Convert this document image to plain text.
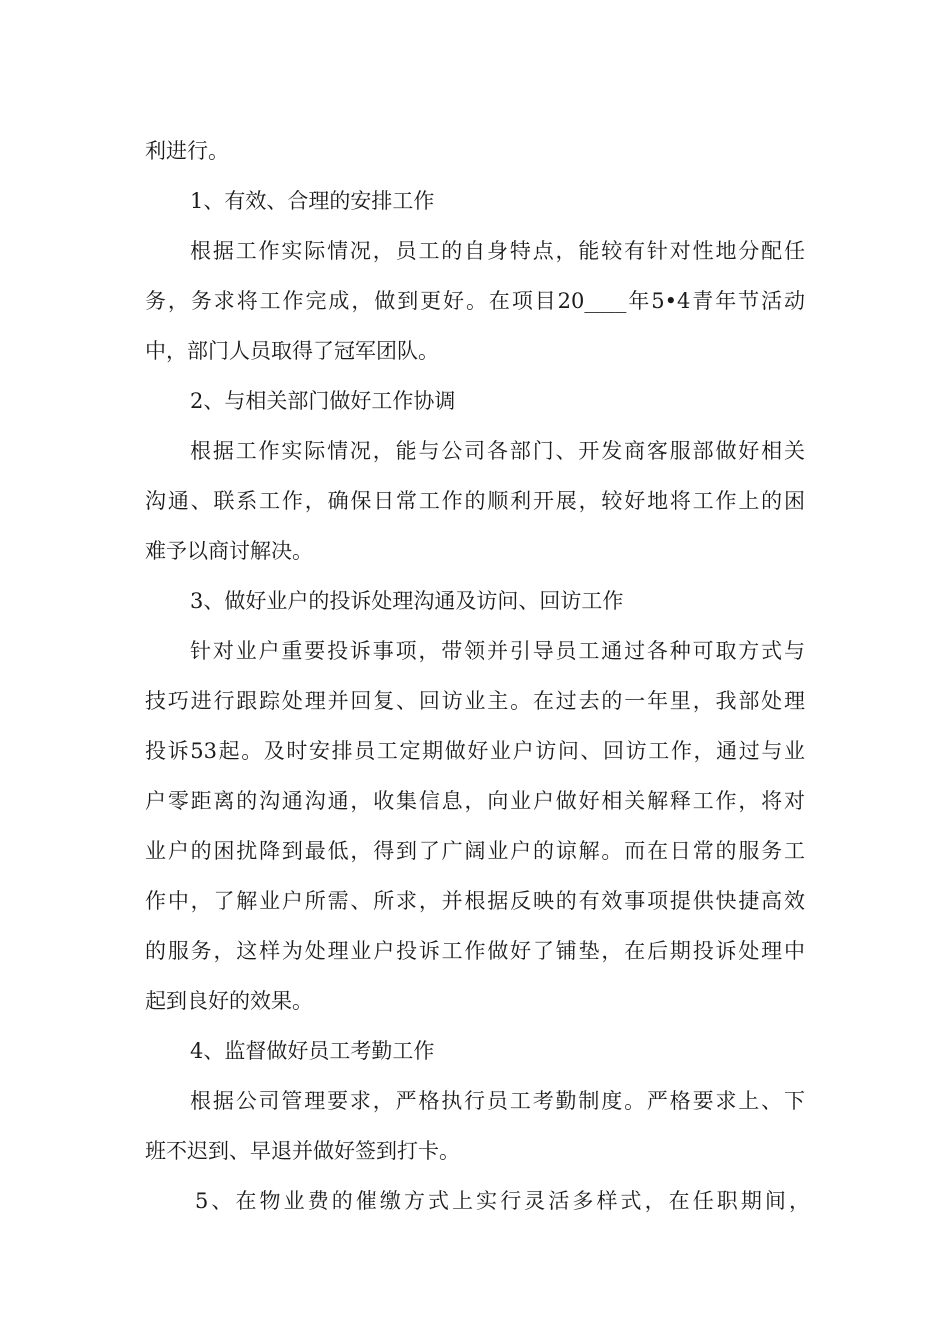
利进行。
1、有效、合理的安排工作
根据工作实际情况，员工的自身特点，能较有针对性地分配任
务，务求将工作完成，做到更好。在项目20____年5•4青年节活动
中，部门人员取得了冠军团队。
2、与相关部门做好工作协调
根据工作实际情况，能与公司各部门、开发商客服部做好相关
沟通、联系工作，确保日常工作的顺利开展，较好地将工作上的困
难予以商讨解决。
3、做好业户的投诉处理沟通及访问、回访工作
针对业户重要投诉事项，带领并引导员工通过各种可取方式与
技巧进行跟踪处理并回复、回访业主。在过去的一年里，我部处理
投诉53起。及时安排员工定期做好业户访问、回访工作，通过与业
户零距离的沟通沟通，收集信息，向业户做好相关解释工作，将对
业户的困扰降到最低，得到了广阔业户的谅解。而在日常的服务工
作中，了解业户所需、所求，并根据反映的有效事项提供快捷高效
的服务，这样为处理业户投诉工作做好了铺垫，在后期投诉处理中
起到良好的效果。
4、监督做好员工考勤工作
根据公司管理要求，严格执行员工考勤制度。严格要求上、下
班不迟到、早退并做好签到打卡。
5、在物业费的催缴方式上实行灵活多样式，在任职期间，
